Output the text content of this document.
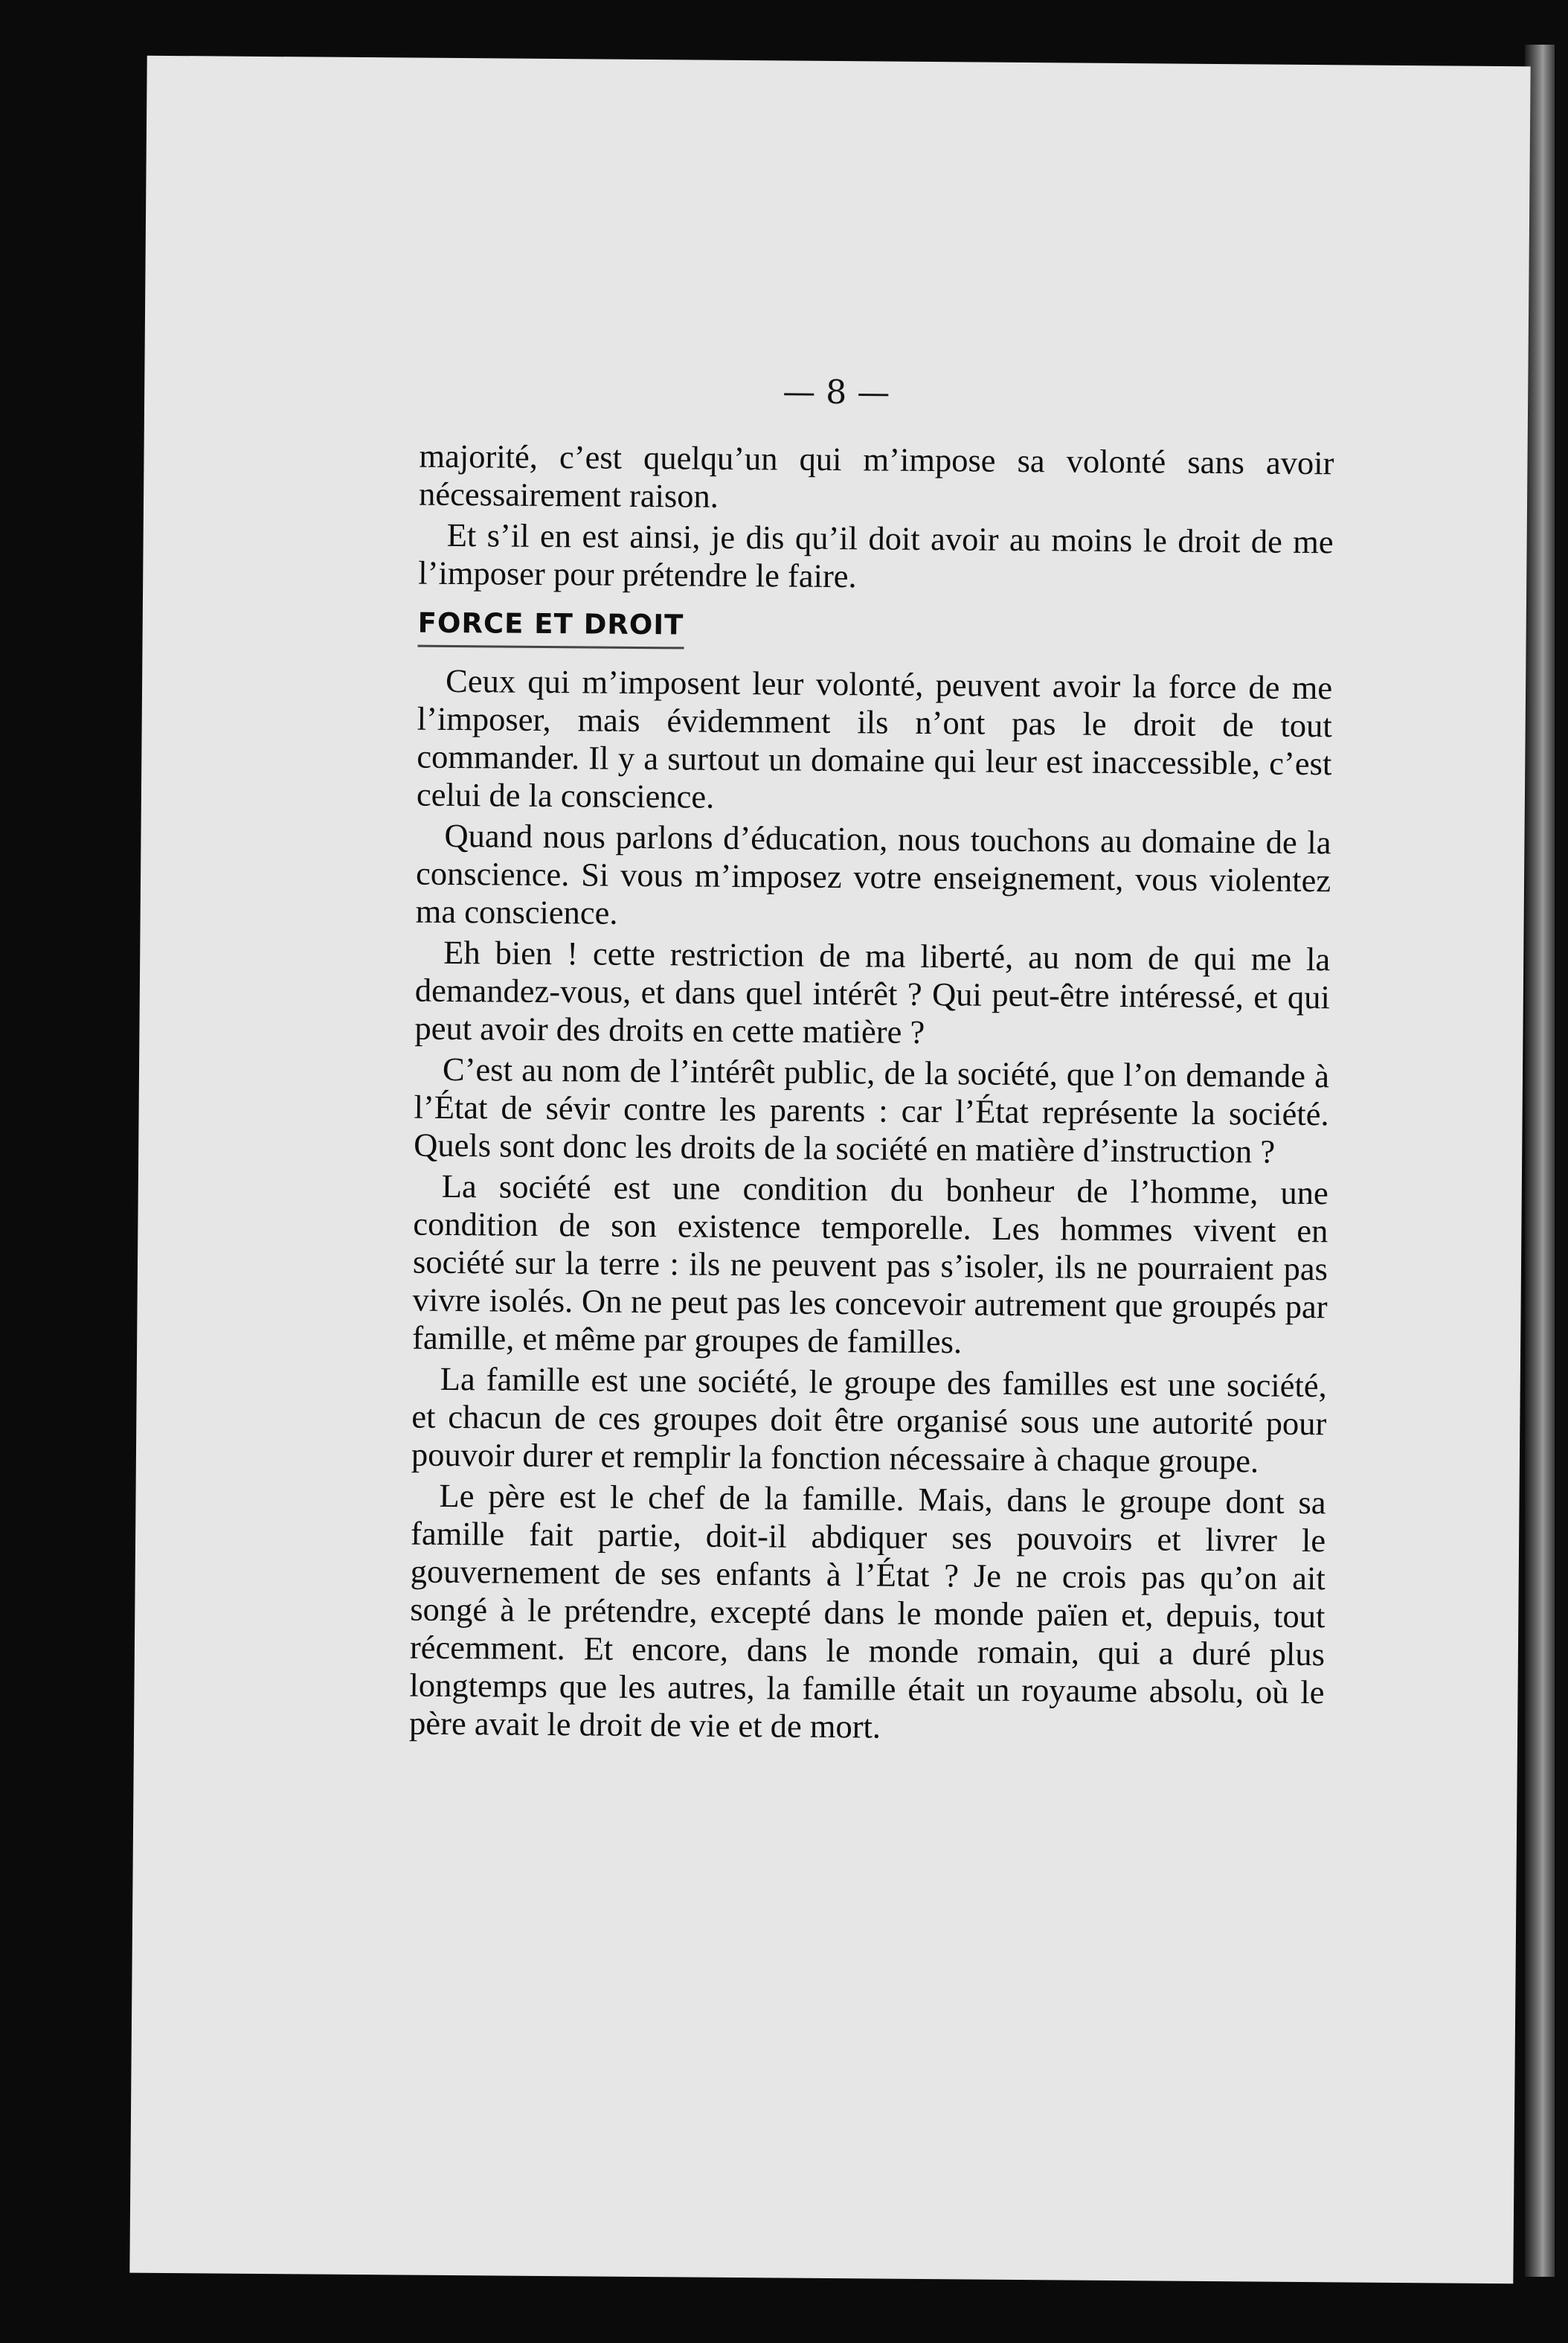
— 8 —

majorité, c’est quelqu’un qui m’impose sa volonté sans avoir nécessairement raison.

Et s’il en est ainsi, je dis qu’il doit avoir au moins le droit de me l’imposer pour prétendre le faire.

FORCE ET DROIT

Ceux qui m’imposent leur volonté, peuvent avoir la force de me l’imposer, mais évidemment ils n’ont pas le droit de tout commander. Il y a surtout un domaine qui leur est inaccessible, c’est celui de la conscience.

Quand nous parlons d’éducation, nous touchons au domaine de la conscience. Si vous m’imposez votre enseignement, vous violentez ma conscience.

Eh bien ! cette restriction de ma liberté, au nom de qui me la demandez-vous, et dans quel intérêt ? Qui peut-être intéressé, et qui peut avoir des droits en cette matière ?

C’est au nom de l’intérêt public, de la société, que l’on demande à l’État de sévir contre les parents : car l’État représente la société. Quels sont donc les droits de la société en matière d’instruction ?

La société est une condition du bonheur de l’homme, une condition de son existence temporelle. Les hommes vivent en société sur la terre : ils ne peuvent pas s’isoler, ils ne pourraient pas vivre isolés. On ne peut pas les concevoir autrement que groupés par famille, et même par groupes de familles.

La famille est une société, le groupe des familles est une société, et chacun de ces groupes doit être organisé sous une autorité pour pouvoir durer et remplir la fonction nécessaire à chaque groupe.

Le père est le chef de la famille. Mais, dans le groupe dont sa famille fait partie, doit-il abdiquer ses pouvoirs et livrer le gouvernement de ses enfants à l’État ? Je ne crois pas qu’on ait songé à le prétendre, excepté dans le monde païen et, depuis, tout récemment. Et encore, dans le monde romain, qui a duré plus longtemps que les autres, la famille était un royaume absolu, où le père avait le droit de vie et de mort.
